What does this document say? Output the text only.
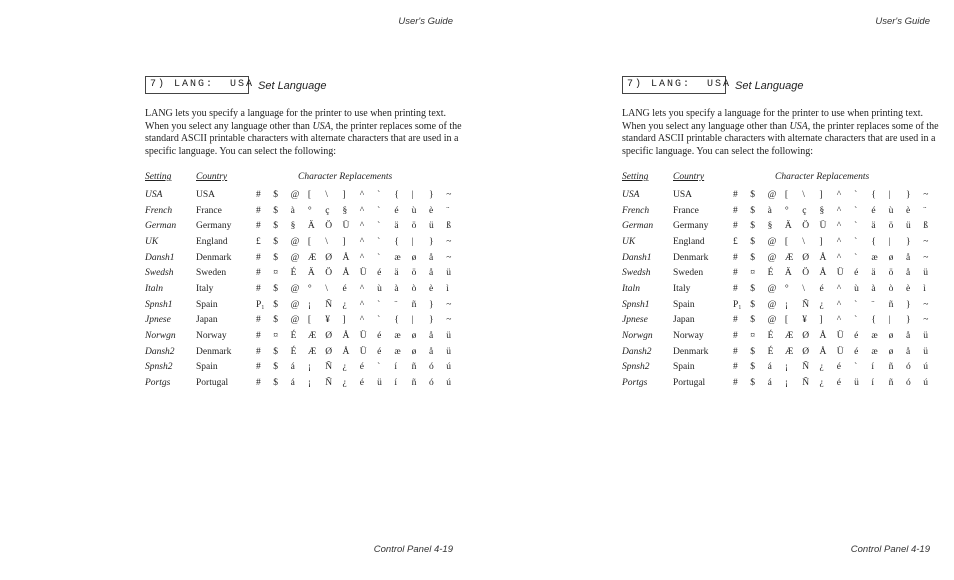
User's Guide
7) LANG:  USA Set Language

LANG lets you specify a language for the printer to use when printing text. When you select any language other than USA, the printer replaces some of the standard ASCII printable characters with alternate characters that are used in a specific language. You can select the following:

Setting	Country	Character Replacements											
USA	USA	#	$	@	[	\	]	^	`	{	|	}	~
French	France	#	$	à	°	ç	§	^	`	é	ù	è	¨
German	Germany	#	$	§	Ä	Ö	Ü	^	`	ä	ö	ü	ß
UK	England	£	$	@	[	\	]	^	`	{	|	}	~
Dansh1	Denmark	#	$	@	Æ	Ø	Å	^	`	æ	ø	å	~
Swedsh	Sweden	#	¤	É	Ä	Ö	Å	Ü	é	ä	ö	å	ü
Italn	Italy	#	$	@	°	\	é	^	ù	à	ò	è	ì
Spnsh1	Spain	P₁	$	@	¡	Ñ	¿	^	`	¨	ñ	}	~
Jpnese	Japan	#	$	@	[	¥	]	^	`	{	|	}	~
Norwgn	Norway	#	¤	É	Æ	Ø	Å	Ü	é	æ	ø	å	ü
Dansh2	Denmark	#	$	É	Æ	Ø	Å	Ü	é	æ	ø	å	ü
Spnsh2	Spain	#	$	á	¡	Ñ	¿	é	`	í	ñ	ó	ú
Portgs	Portugal	#	$	á	¡	Ñ	¿	é	ü	í	ñ	ó	ú
Control Panel 4-19
User's Guide
7) LANG:  USA Set Language

LANG lets you specify a language for the printer to use when printing text. When you select any language other than USA, the printer replaces some of the standard ASCII printable characters with alternate characters that are used in a specific language. You can select the following:

Setting	Country	Character Replacements											
USA	USA	#	$	@	[	\	]	^	`	{	|	}	~
French	France	#	$	à	°	ç	§	^	`	é	ù	è	¨
German	Germany	#	$	§	Ä	Ö	Ü	^	`	ä	ö	ü	ß
UK	England	£	$	@	[	\	]	^	`	{	|	}	~
Dansh1	Denmark	#	$	@	Æ	Ø	Å	^	`	æ	ø	å	~
Swedsh	Sweden	#	¤	É	Ä	Ö	Å	Ü	é	ä	ö	å	ü
Italn	Italy	#	$	@	°	\	é	^	ù	à	ò	è	ì
Spnsh1	Spain	P₁	$	@	¡	Ñ	¿	^	`	¨	ñ	}	~
Jpnese	Japan	#	$	@	[	¥	]	^	`	{	|	}	~
Norwgn	Norway	#	¤	É	Æ	Ø	Å	Ü	é	æ	ø	å	ü
Dansh2	Denmark	#	$	É	Æ	Ø	Å	Ü	é	æ	ø	å	ü
Spnsh2	Spain	#	$	á	¡	Ñ	¿	é	`	í	ñ	ó	ú
Portgs	Portugal	#	$	á	¡	Ñ	¿	é	ü	í	ñ	ó	ú
Control Panel 4-19
